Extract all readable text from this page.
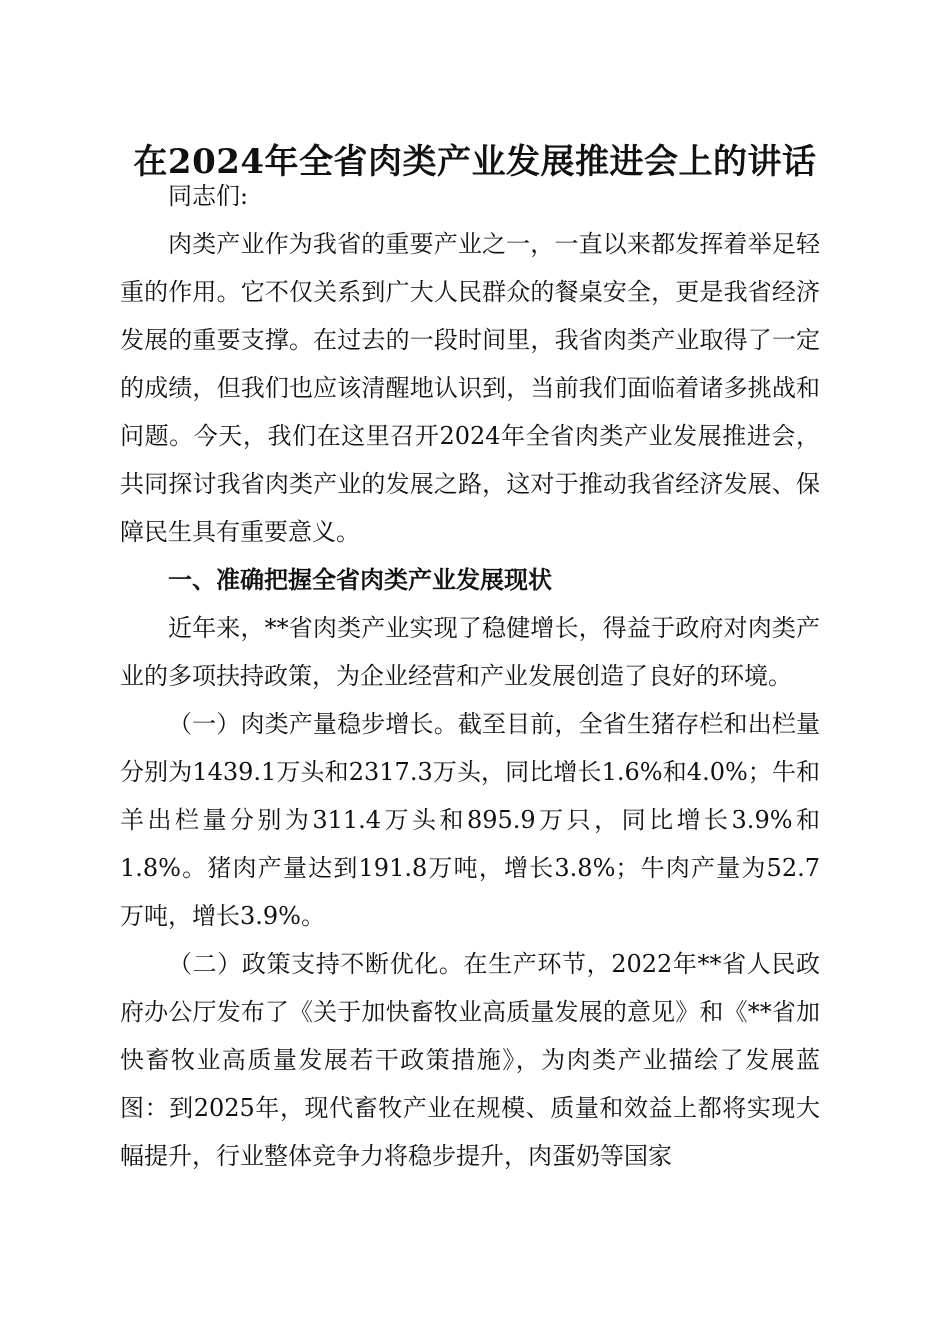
在2024年全省肉类产业发展推进会上的讲话

同志们:

肉类产业作为我省的重要产业之一，一直以来都发挥着举足轻重的作用。它不仅关系到广大人民群众的餐桌安全，更是我省经济发展的重要支撑。在过去的一段时间里，我省肉类产业取得了一定的成绩，但我们也应该清醒地认识到，当前我们面临着诸多挑战和问题。今天，我们在这里召开2024年全省肉类产业发展推进会，共同探讨我省肉类产业的发展之路，这对于推动我省经济发展、保障民生具有重要意义。

一、准确把握全省肉类产业发展现状

近年来，**省肉类产业实现了稳健增长，得益于政府对肉类产业的多项扶持政策，为企业经营和产业发展创造了良好的环境。

（一）肉类产量稳步增长。截至目前，全省生猪存栏和出栏量分别为1439.1万头和2317.3万头，同比增长1.6%和4.0%；牛和羊出栏量分别为311.4万头和895.9万只，同比增长3.9%和1.8%。猪肉产量达到191.8万吨，增长3.8%；牛肉产量为52.7万吨，增长3.9%。

（二）政策支持不断优化。在生产环节，2022年**省人民政府办公厅发布了《关于加快畜牧业高质量发展的意见》和《**省加快畜牧业高质量发展若干政策措施》，为肉类产业描绘了发展蓝图：到2025年，现代畜牧产业在规模、质量和效益上都将实现大幅提升，行业整体竞争力将稳步提升，肉蛋奶等国家
